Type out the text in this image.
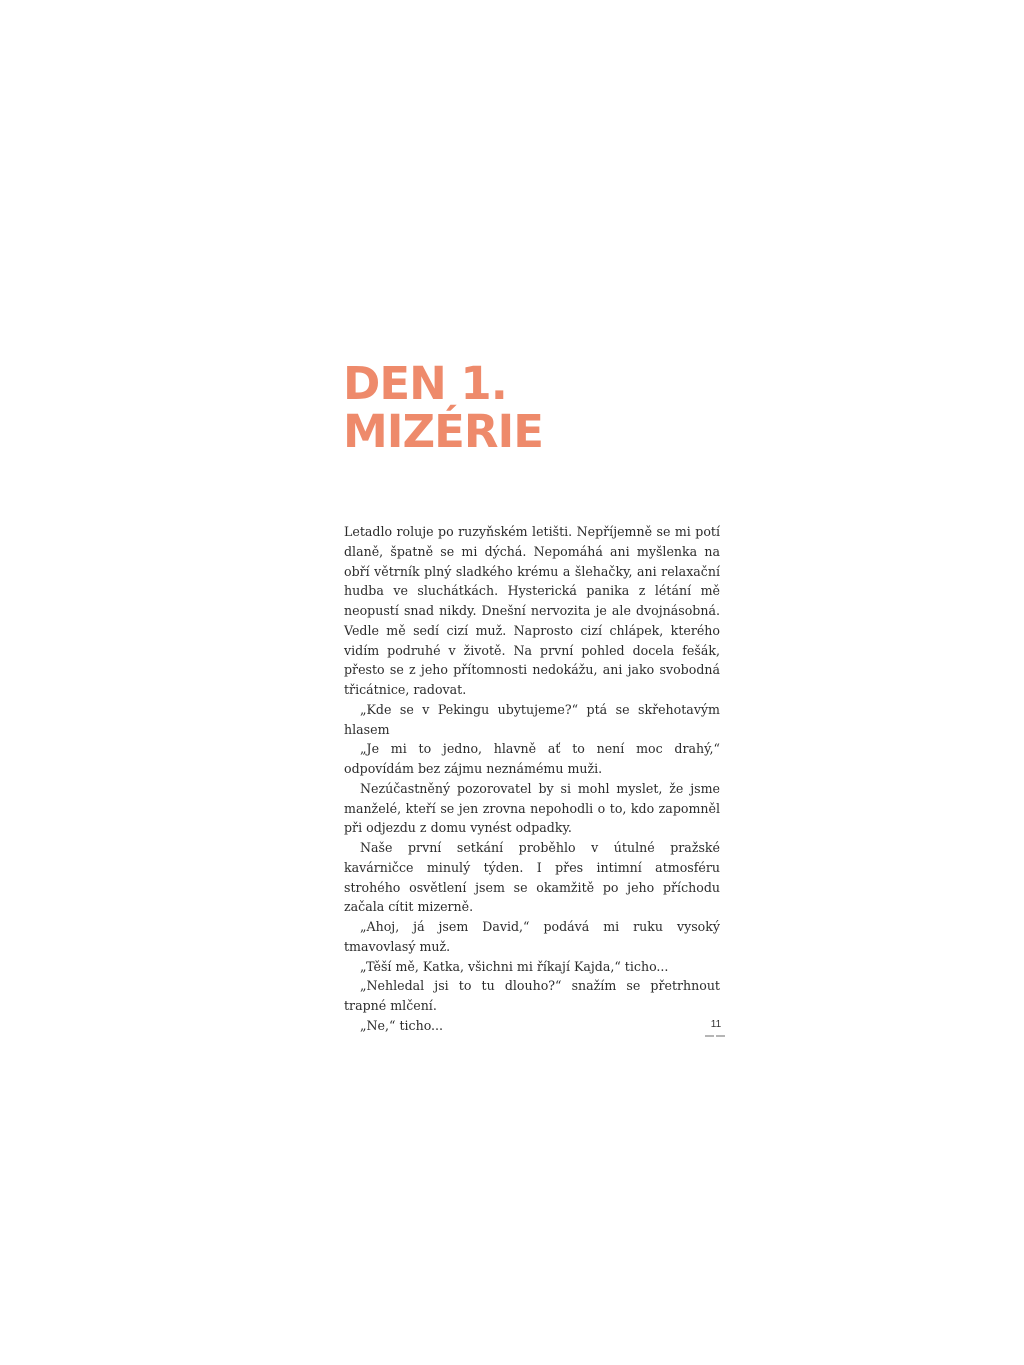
DEN 1.
MIZÉRIE

Letadlo roluje po ruzyňském letišti. Nepříjemně se mi potí dlaně, špatně se mi dýchá. Nepomáhá ani myšlenka na obří větrník plný sladkého krému a šlehačky, ani relaxační hudba ve sluchátkách. Hysterická panika z létání mě neopustí snad nikdy. Dnešní nervozita je ale dvojnásobná. Vedle mě sedí cizí muž. Naprosto cizí chlápek, kterého vidím podruhé v životě. Na první pohled docela fešák, přesto se z jeho přítomnosti nedokážu, ani jako svobodná třicátnice, radovat.

„Kde se v Pekingu ubytujeme?“ ptá se skřehotavým hlasem

„Je mi to jedno, hlavně ať to není moc drahý,“ odpovídám bez zájmu neznámému muži.

Nezúčastněný pozorovatel by si mohl myslet, že jsme manželé, kteří se jen zrovna nepohodli o to, kdo zapomněl při odjezdu z domu vynést odpadky.

Naše první setkání proběhlo v útulné pražské kavárničce minulý týden. I přes intimní atmosféru strohého osvětlení jsem se okamžitě po jeho příchodu začala cítit mizerně.

„Ahoj, já jsem David,“ podává mi ruku vysoký tmavovlasý muž.

„Těší mě, Katka, všichni mi říkají Kajda,“ ticho...

„Nehledal jsi to tu dlouho?“ snažím se přetrhnout trapné mlčení.

„Ne,“ ticho...	11
